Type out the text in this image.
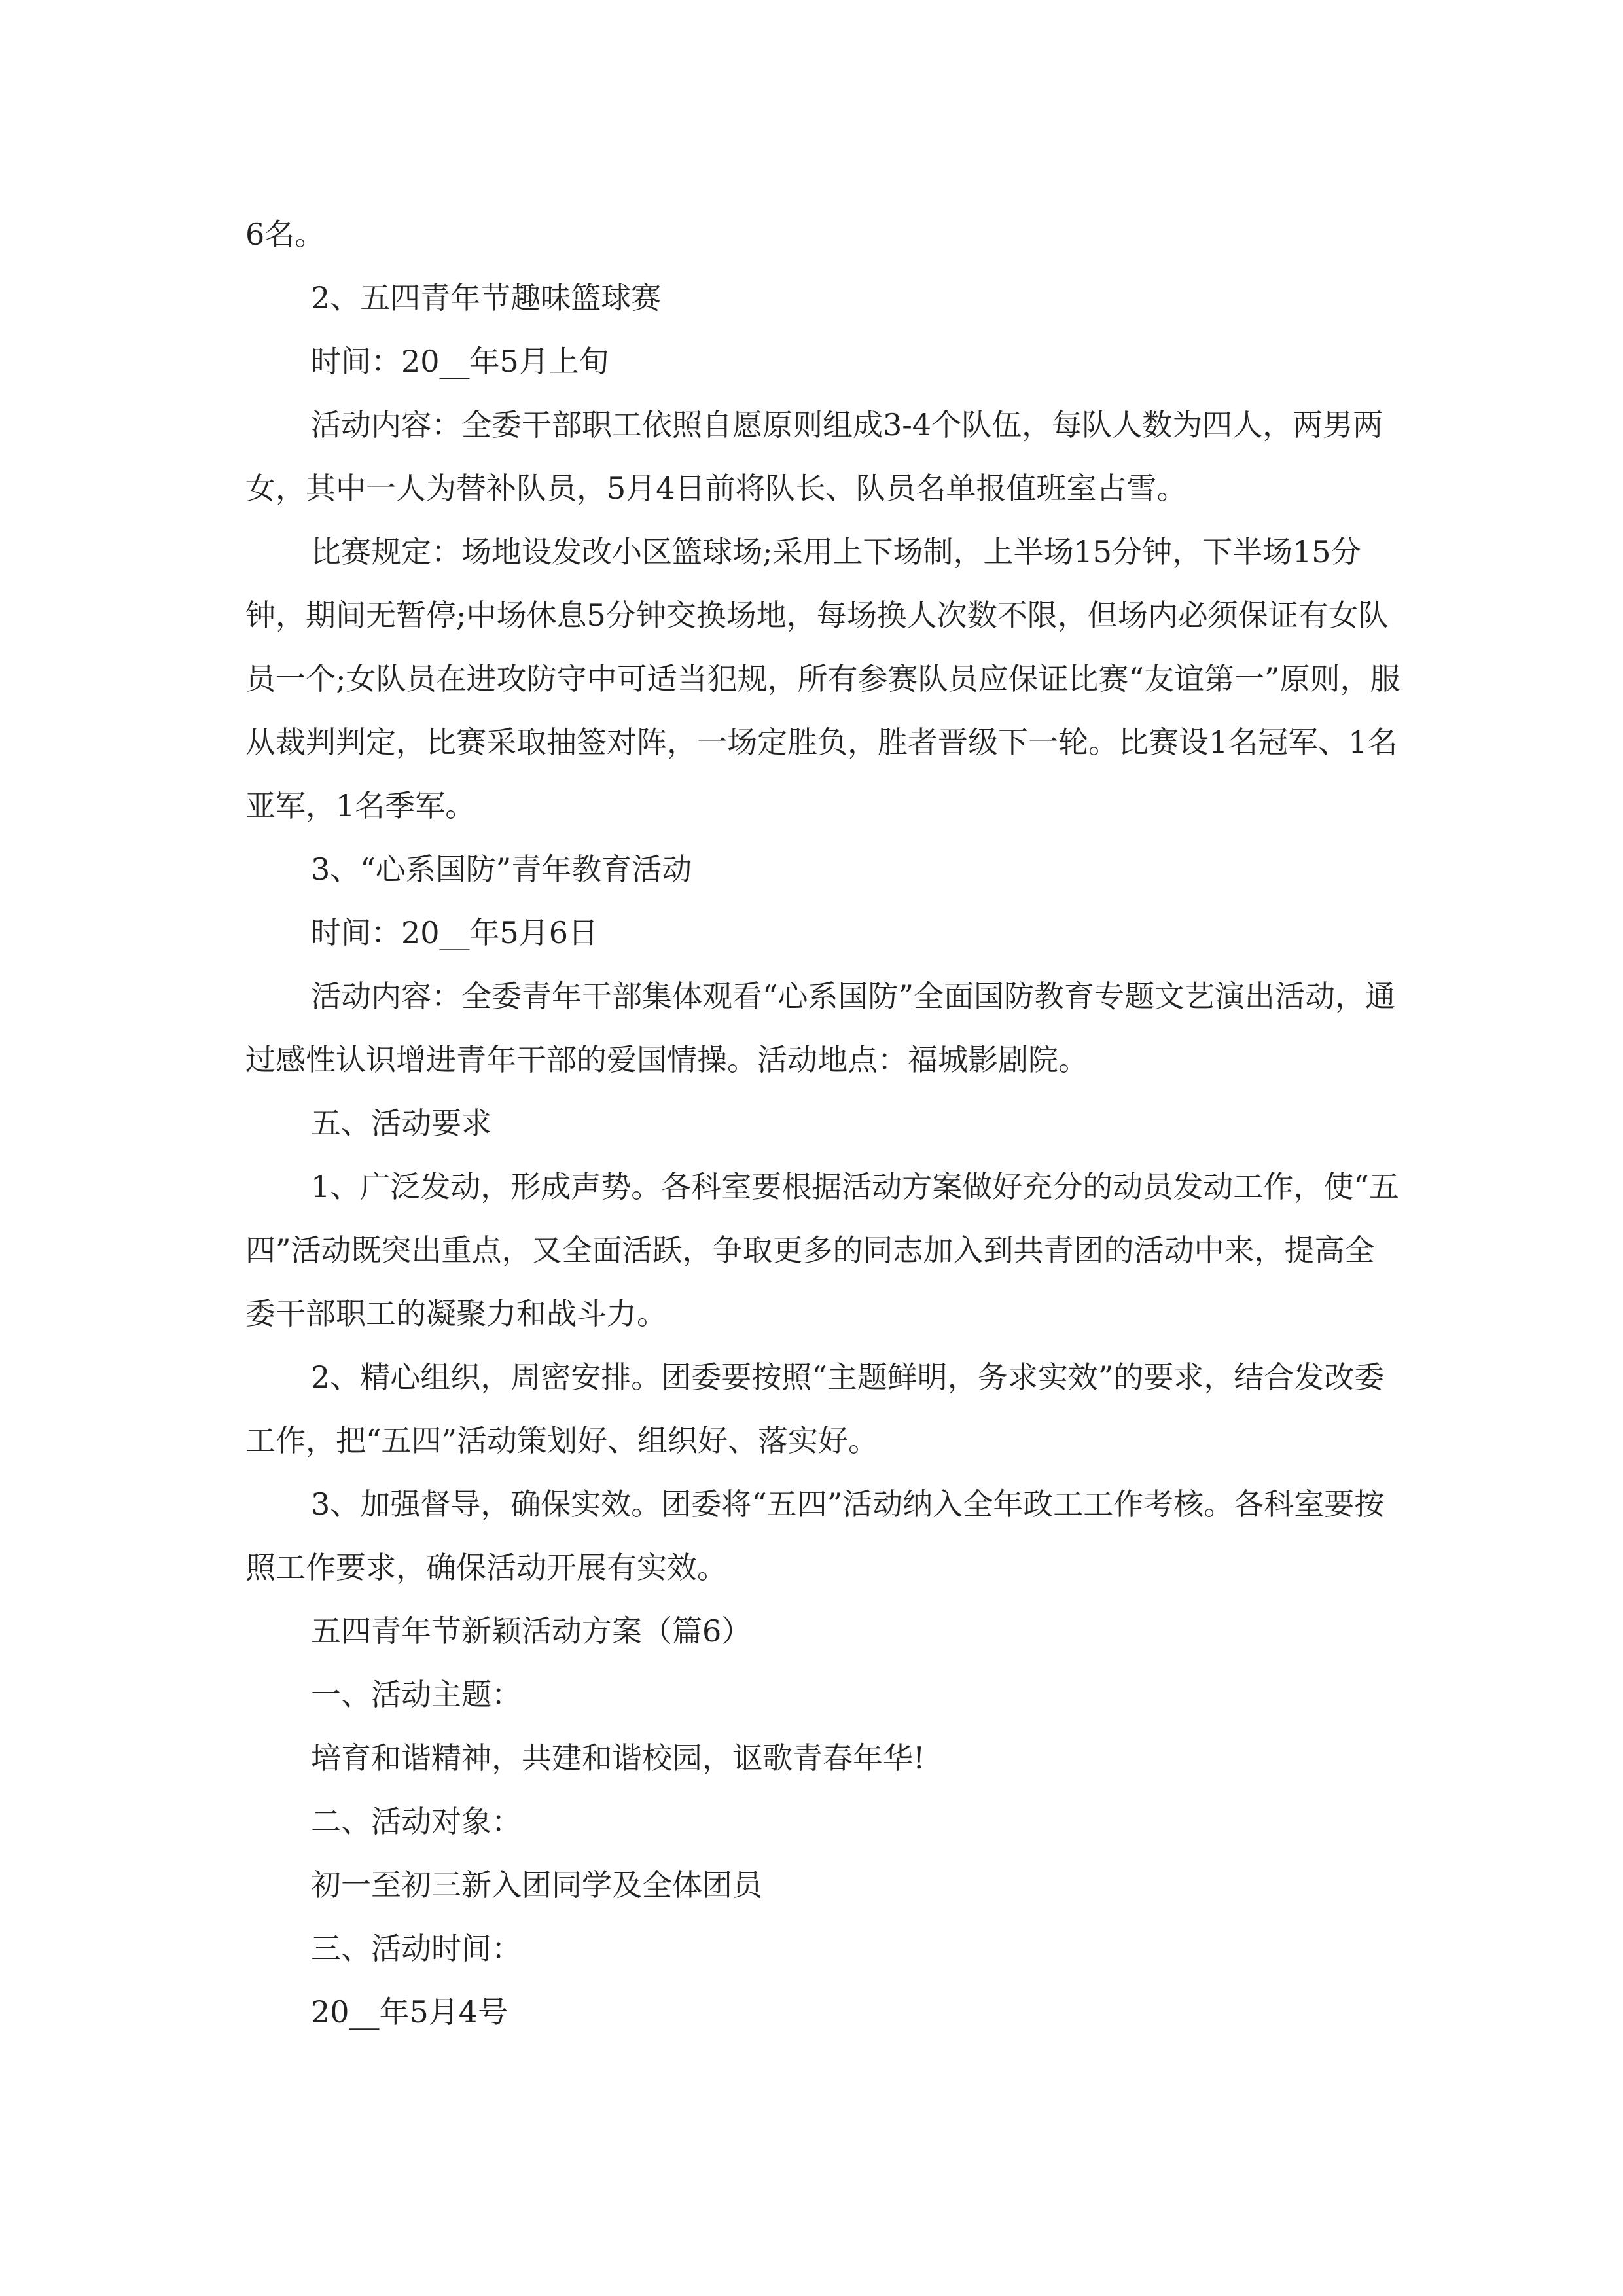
6名。

2、五四青年节趣味篮球赛

时间：20__年5月上旬

活动内容：全委干部职工依照自愿原则组成3-4个队伍，每队人数为四人，两男两女，其中一人为替补队员，5月4日前将队长、队员名单报值班室占雪。

比赛规定：场地设发改小区篮球场;采用上下场制，上半场15分钟，下半场15分钟，期间无暂停;中场休息5分钟交换场地，每场换人次数不限，但场内必须保证有女队员一个;女队员在进攻防守中可适当犯规，所有参赛队员应保证比赛“友谊第一”原则，服从裁判判定，比赛采取抽签对阵，一场定胜负，胜者晋级下一轮。比赛设1名冠军、1名亚军，1名季军。

3、“心系国防”青年教育活动

时间：20__年5月6日

活动内容：全委青年干部集体观看“心系国防”全面国防教育专题文艺演出活动，通过感性认识增进青年干部的爱国情操。活动地点：福城影剧院。

五、活动要求

1、广泛发动，形成声势。各科室要根据活动方案做好充分的动员发动工作，使“五四”活动既突出重点，又全面活跃，争取更多的同志加入到共青团的活动中来，提高全委干部职工的凝聚力和战斗力。

2、精心组织，周密安排。团委要按照“主题鲜明，务求实效”的要求，结合发改委工作，把“五四”活动策划好、组织好、落实好。

3、加强督导，确保实效。团委将“五四”活动纳入全年政工工作考核。各科室要按照工作要求，确保活动开展有实效。

五四青年节新颖活动方案（篇6）

一、活动主题：

培育和谐精神，共建和谐校园，讴歌青春年华!

二、活动对象：

初一至初三新入团同学及全体团员

三、活动时间：

20__年5月4号
